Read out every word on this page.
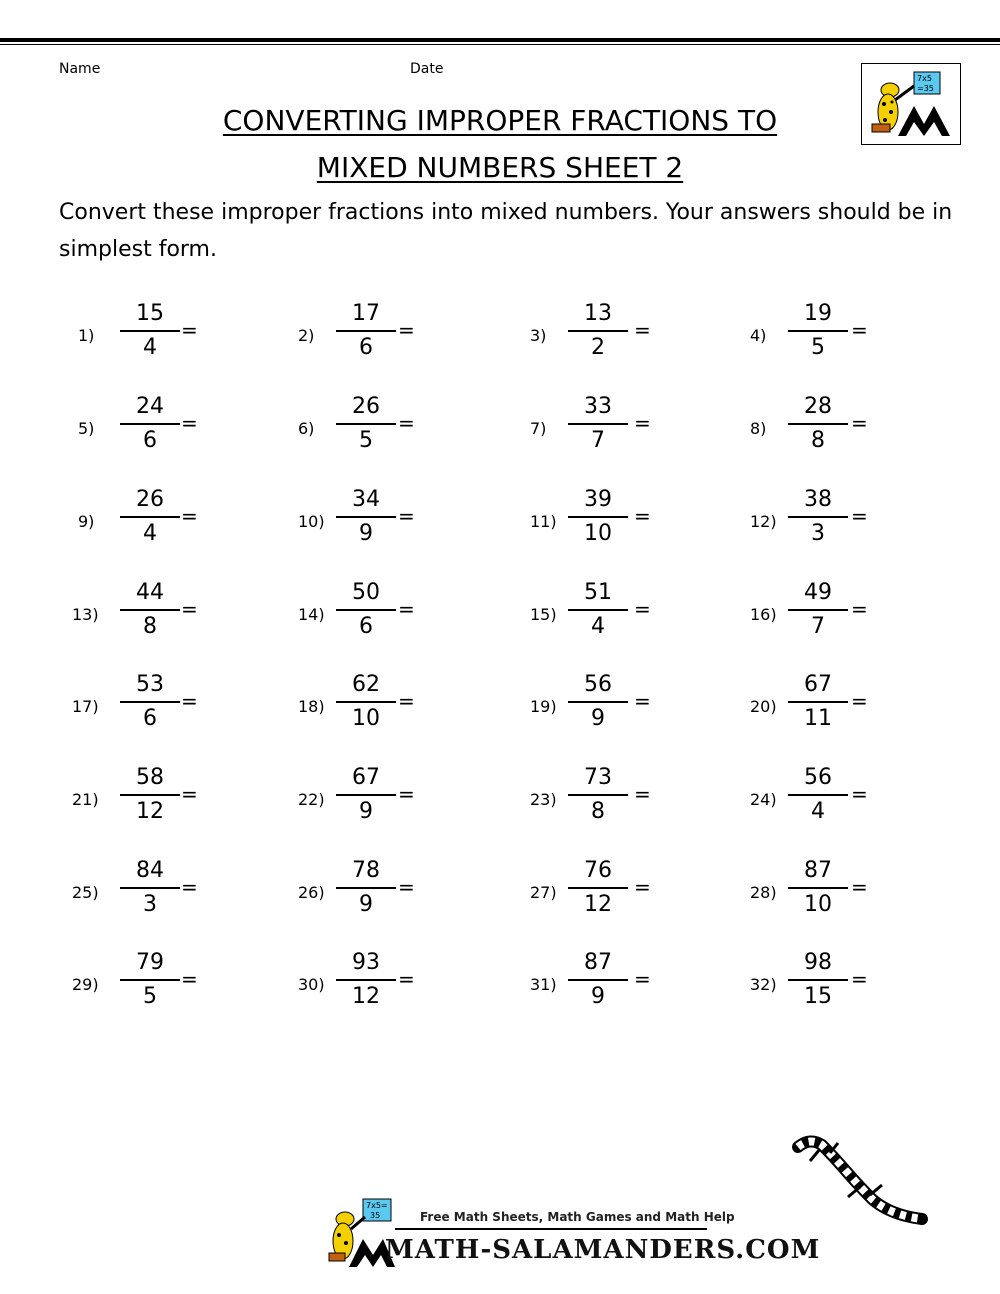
Name	Date
7x5
=35
CONVERTING IMPROPER FRACTIONS TO
MIXED NUMBERS SHEET 2
Convert these improper fractions into mixed numbers. Your answers should be in simplest form.
1)
15
4
=	2)
17
6
=	3)
13
2
=	4)
19
5
=
5)
24
6
=	6)
26
5
=	7)
33
7
=	8)
28
8
=
9)
26
4
=	10)
34
9
=	11)
39
10
=	12)
38
3
=
13)
44
8
=	14)
50
6
=	15)
51
4
=	16)
49
7
=
17)
53
6
=	18)
62
10
=	19)
56
9
=	20)
67
11
=
21)
58
12
=	22)
67
9
=	23)
73
8
=	24)
56
4
=
25)
84
3
=	26)
78
9
=	27)
76
12
=	28)
87
10
=
29)
79
5
=	30)
93
12
=	31)
87
9
=	32)
98
15
=
7x5=
35	Free Math Sheets, Math Games and Math Help
MATH-SALAMANDERS.COM
